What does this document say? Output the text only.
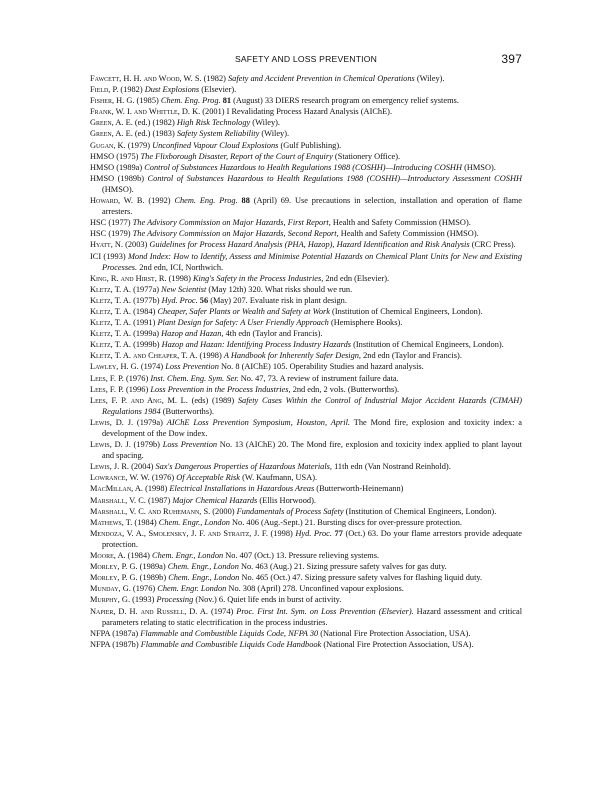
SAFETY AND LOSS PREVENTION	397

Fawcett, H. H. and Wood, W. S. (1982) Safety and Accident Prevention in Chemical Operations (Wiley).

Field, P. (1982) Dust Explosions (Elsevier).

Fisher, H. G. (1985) Chem. Eng. Prog. 81 (August) 33 DIERS research program on emergency relief systems.

Frank, W. I. and Whittle, D. K. (2001) I Revalidating Process Hazard Analysis (AIChE).

Green, A. E. (ed.) (1982) High Risk Technology (Wiley).

Green, A. E. (ed.) (1983) Safety System Reliability (Wiley).

Gugan, K. (1979) Unconfined Vapour Cloud Explosions (Gulf Publishing).

HMSO (1975) The Flixborough Disaster, Report of the Court of Enquiry (Stationery Office).

HMSO (1989a) Control of Substances Hazardous to Health Regulations 1988 (COSHH)—Introducing COSHH (HMSO).

HMSO (1989b) Control of Substances Hazardous to Health Regulations 1988 (COSHH)—Introductory Assessment COSHH (HMSO).

Howard, W. B. (1992) Chem. Eng. Prog. 88 (April) 69. Use precautions in selection, installation and operation of flame arresters.

HSC (1977) The Advisory Commission on Major Hazards, First Report, Health and Safety Commission (HMSO).

HSC (1979) The Advisory Commission on Major Hazards, Second Report, Health and Safety Commission (HMSO).

Hyatt, N. (2003) Guidelines for Process Hazard Analysis (PHA, Hazop), Hazard Identification and Risk Analysis (CRC Press).

ICI (1993) Mond Index: How to Identify, Assess and Minimise Potential Hazards on Chemical Plant Units for New and Existing Processes. 2nd edn, ICI, Northwich.

King, R. and Hirst, R. (1998) King's Safety in the Process Industries, 2nd edn (Elsevier).

Kletz, T. A. (1977a) New Scientist (May 12th) 320. What risks should we run.

Kletz, T. A. (1977b) Hyd. Proc. 56 (May) 207. Evaluate risk in plant design.

Kletz, T. A. (1984) Cheaper, Safer Plants or Wealth and Safety at Work (Institution of Chemical Engineers, London).

Kletz, T. A. (1991) Plant Design for Safety: A User Friendly Approach (Hemisphere Books).

Kletz, T. A. (1999a) Hazop and Hazan, 4th edn (Taylor and Francis).

Kletz, T. A. (1999b) Hazop and Hazan: Identifying Process Industry Hazards (Institution of Chemical Engineers, London).

Kletz, T. A. and Cheaper, T. A. (1998) A Handbook for Inherently Safer Design, 2nd edn (Taylor and Francis).

Lawley, H. G. (1974) Loss Prevention No. 8 (AIChE) 105. Operability Studies and hazard analysis.

Lees, F. P. (1976) Inst. Chem. Eng. Sym. Ser. No. 47, 73. A review of instrument failure data.

Lees, F. P. (1996) Loss Prevention in the Process Industries, 2nd edn, 2 vols. (Butterworths).

Lees, F. P. and Ang, M. L. (eds) (1989) Safety Cases Within the Control of Industrial Major Accident Hazards (CIMAH) Regulations 1984 (Butterworths).

Lewis, D. J. (1979a) AIChE Loss Prevention Symposium, Houston, April. The Mond fire, explosion and toxicity index: a development of the Dow index.

Lewis, D. J. (1979b) Loss Prevention No. 13 (AIChE) 20. The Mond fire, explosion and toxicity index applied to plant layout and spacing.

Lewis, J. R. (2004) Sax's Dangerous Properties of Hazardous Materials, 11th edn (Van Nostrand Reinhold).

Lowrance, W. W. (1976) Of Acceptable Risk (W. Kaufmann, USA).

MacMillan, A. (1998) Electrical Installations in Hazardous Areas (Butterworth-Heinemann)

Marshall, V. C. (1987) Major Chemical Hazards (Ellis Horwood).

Marshall, V. C. and Ruhemann, S. (2000) Fundamentals of Process Safety (Institution of Chemical Engineers, London).

Mathews, T. (1984) Chem. Engr., London No. 406 (Aug.-Sept.) 21. Bursting discs for over-pressure protection.

Mendoza, V. A., Smolensky, J. F. and Straitz, J. F. (1998) Hyd. Proc. 77 (Oct.) 63. Do your flame arrestors provide adequate protection.

Moore, A. (1984) Chem. Engr., London No. 407 (Oct.) 13. Pressure relieving systems.

Morley, P. G. (1989a) Chem. Engr., London No. 463 (Aug.) 21. Sizing pressure safety valves for gas duty.

Morley, P. G. (1989b) Chem. Engr., London No. 465 (Oct.) 47. Sizing pressure safety valves for flashing liquid duty.

Munday, G. (1976) Chem. Engr. London No. 308 (April) 278. Unconfined vapour explosions.

Murphy, G. (1993) Processing (Nov.) 6. Quiet life ends in burst of activity.

Napier, D. H. and Russell, D. A. (1974) Proc. First Int. Sym. on Loss Prevention (Elsevier). Hazard assessment and critical parameters relating to static electrification in the process industries.

NFPA (1987a) Flammable and Combustible Liquids Code, NFPA 30 (National Fire Protection Association, USA).

NFPA (1987b) Flammable and Combustible Liquids Code Handbook (National Fire Protection Association, USA).
